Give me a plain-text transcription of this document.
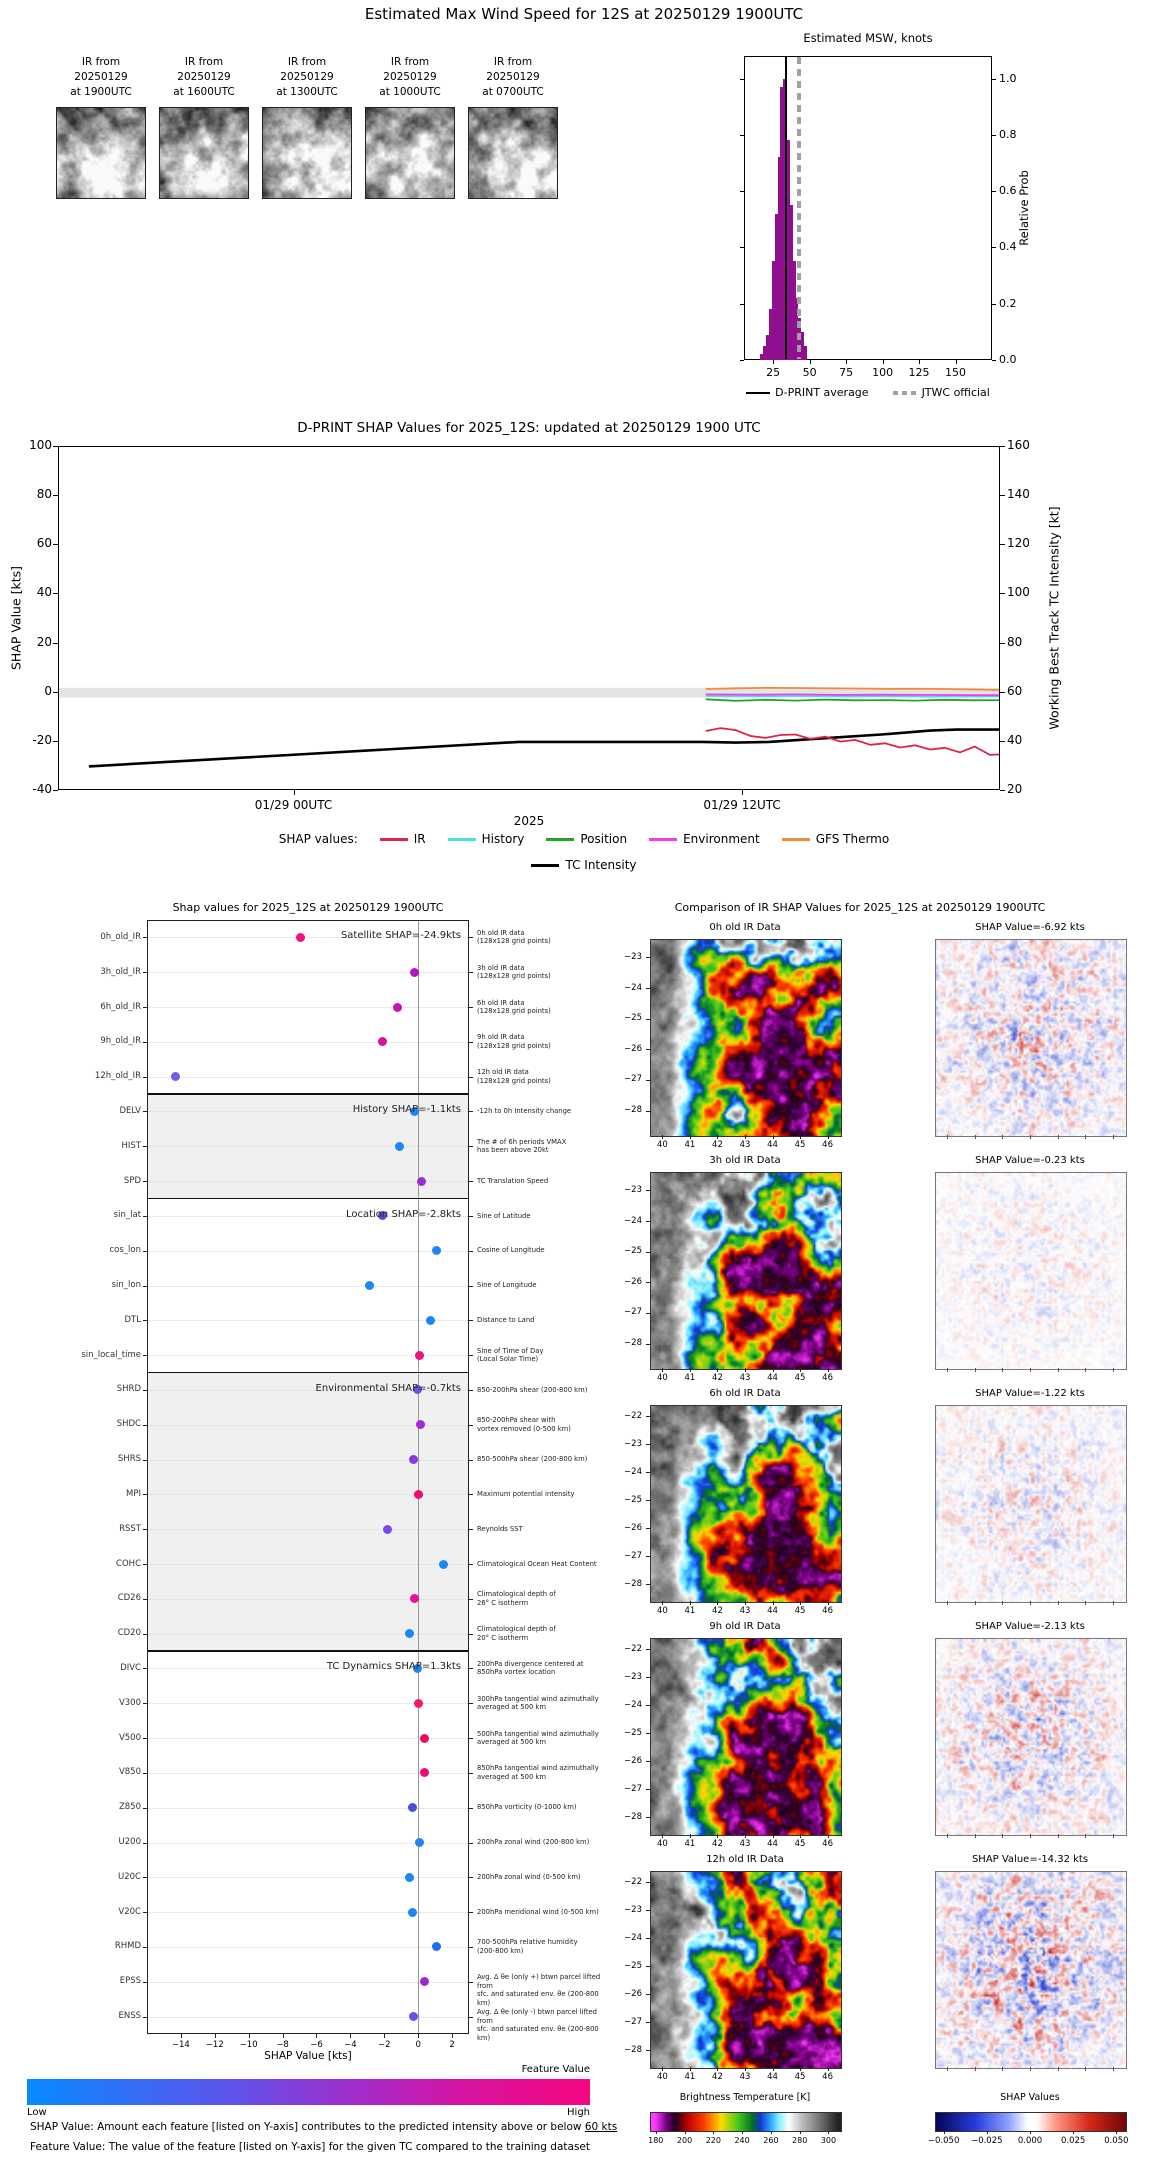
Estimated Max Wind Speed for 12S at 20250129 1900UTC
Estimated MSW, knots
Relative Prob
D-PRINT SHAP Values for 2025_12S: updated at 20250129 1900 UTC
SHAP Value [kts]	Working Best Track TC Intensity [kt]
2025
Shap values for 2025_12S at 20250129 1900UTC
SHAP Value [kts]
Feature Value
Low	High
Comparison of IR SHAP Values for 2025_12S at 20250129 1900UTC
Brightness Temperature [K]	SHAP Values
SHAP Value: Amount each feature [listed on Y-axis] contributes to the predicted intensity above or below 60 kts
Feature Value: The value of the feature [listed on Y-axis] for the given TC compared to the training dataset
IR from
20250129
at 1900UTC
IR from
20250129
at 1600UTC
IR from
20250129
at 1300UTC
IR from
20250129
at 1000UTC
IR from
20250129
at 0700UTC
0.0
0.2
0.4
0.6
0.8
1.0
25	50	75	100	125	150
D-PRINT average	JTWC official
100
80
60
40
20
0
-20
-40
160
140
120
100
80
60
40
20
01/29 00UTC	01/29 12UTC
SHAP values:	IR	History	Position	Environment	GFS Thermo
TC Intensity
0h_old_IR	0h old IR data
(128x128 grid points)
3h_old_IR	3h old IR data
(128x128 grid points)
6h_old_IR	6h old IR data
(128x128 grid points)
9h_old_IR	9h old IR data
(128x128 grid points)
12h_old_IR	12h old IR data
(128x128 grid points)
DELV	-12h to 0h Intensity change
HIST	The # of 6h periods VMAX
has been above 20kt
SPD	TC Translation Speed
sin_lat	Sine of Latitude
cos_lon	Cosine of Longitude
sin_lon	Sine of Longitude
DTL	Distance to Land
sin_local_time	Sine of Time of Day
(Local Solar Time)
SHRD	850-200hPa shear (200-800 km)
SHDC	850-200hPa shear with
vortex removed (0-500 km)
SHRS	850-500hPa shear (200-800 km)
MPI	Maximum potential intensity
RSST	Reynolds SST
COHC	Climatological Ocean Heat Content
CD26	Climatological depth of
26° C isotherm
CD20	Climatological depth of
20° C isotherm
DIVC	200hPa divergence centered at
850hPa vortex location
V300	300hPa tangential wind azimuthally
averaged at 500 km
V500	500hPa tangential wind azimuthally
averaged at 500 km
V850	850hPa tangential wind azimuthally
averaged at 500 km
Z850	850hPa vorticity (0-1000 km)
U200	200hPa zonal wind (200-800 km)
U20C	200hPa zonal wind (0-500 km)
V20C	200hPa meridional wind (0-500 km)
RHMD	700-500hPa relative humidity
(200-800 km)
EPSS	Avg. Δ θe (only +) btwn parcel lifted from
sfc. and saturated env. θe (200-800 km)
ENSS	Avg. Δ θe (only -) btwn parcel lifted from
sfc. and saturated env. θe (200-800 km)
Satellite SHAP=-24.9kts
History SHAP=-1.1kts
Location SHAP=-2.8kts
Environmental SHAP=-0.7kts
TC Dynamics SHAP=1.3kts
−14	−12	−10	−8	−6	−4	−2	0	2
0h old IR Data	SHAP Value=-6.92 kts
−23
−24
−25
−26
−27
−28
40	41	42	43	44	45	46
3h old IR Data	SHAP Value=-0.23 kts
−23
−24
−25
−26
−27
−28
40	41	42	43	44	45	46
6h old IR Data	SHAP Value=-1.22 kts
−22
−23
−24
−25
−26
−27
−28
40	41	42	43	44	45	46
9h old IR Data	SHAP Value=-2.13 kts
−22
−23
−24
−25
−26
−27
−28
40	41	42	43	44	45	46
12h old IR Data	SHAP Value=-14.32 kts
−22
−23
−24
−25
−26
−27
−28
40	41	42	43	44	45	46
180	200	220	240	260	280	300	−0.050	−0.025	0.000	0.025	0.050
